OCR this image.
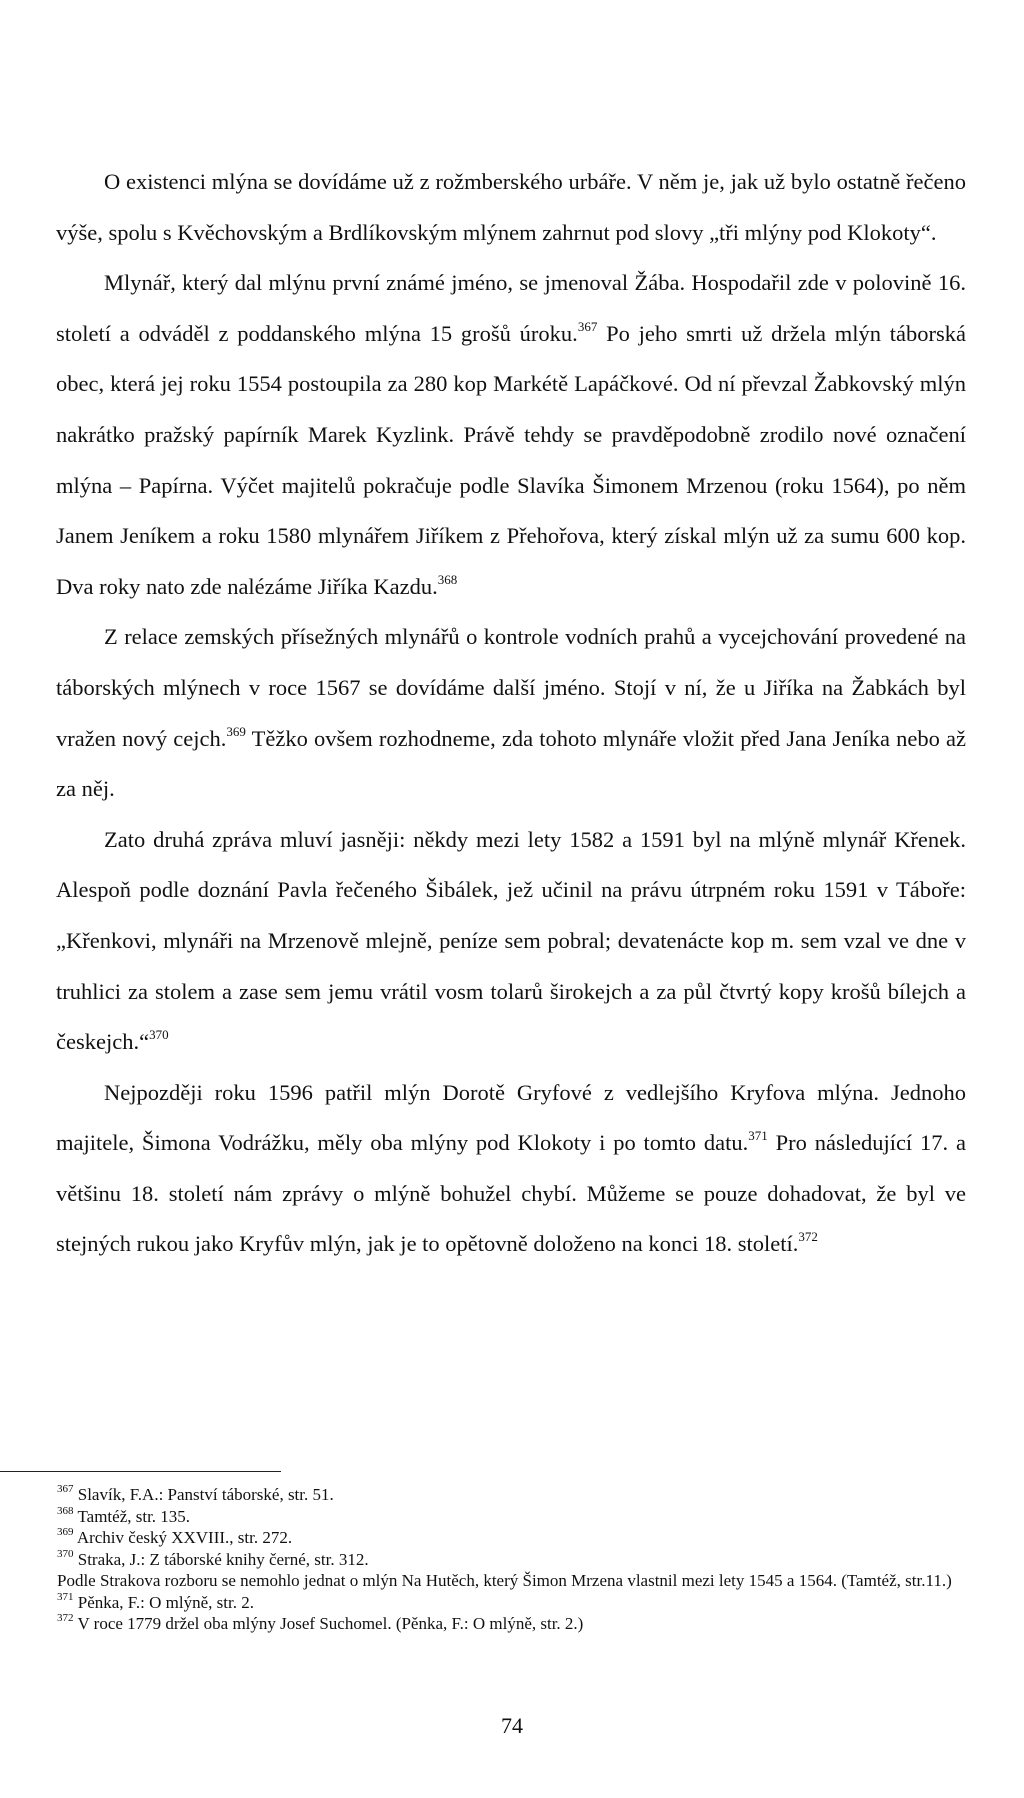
O existenci mlýna se dovídáme už z rožmberského urbáře. V něm je, jak už bylo ostatně řečeno výše, spolu s Kvěchovským a Brdlíkovským mlýnem zahrnut pod slovy „tři mlýny pod Klokoty“.

Mlynář, který dal mlýnu první známé jméno, se jmenoval Žába. Hospodařil zde v polovině 16. století a odváděl z poddanského mlýna 15 grošů úroku.$^{367}$ Po jeho smrti už držela mlýn táborská obec, která jej roku 1554 postoupila za 280 kop Markétě Lapáčkové. Od ní převzal Žabkovský mlýn nakrátko pražský papírník Marek Kyzlink. Právě tehdy se pravděpodobně zrodilo nové označení mlýna – Papírna. Výčet majitelů pokračuje podle Slavíka Šimonem Mrzenou (roku 1564), po něm Janem Jeníkem a roku 1580 mlynářem Jiříkem z Přehořova, který získal mlýn už za sumu 600 kop. Dva roky nato zde nalézáme Jiříka Kazdu.$^{368}$

Z relace zemských přísežných mlynářů o kontrole vodních prahů a vycejchování provedené na táborských mlýnech v roce 1567 se dovídáme další jméno. Stojí v ní, že u Jiříka na Žabkách byl vražen nový cejch.$^{369}$ Těžko ovšem rozhodneme, zda tohoto mlynáře vložit před Jana Jeníka nebo až za něj.

Zato druhá zpráva mluví jasněji: někdy mezi lety 1582 a 1591 byl na mlýně mlynář Křenek. Alespoň podle doznání Pavla řečeného Šibálek, jež učinil na právu útrpném roku 1591 v Táboře: „Křenkovi, mlynáři na Mrzenově mlejně, peníze sem pobral; devatenácte kop m. sem vzal ve dne v truhlici za stolem a zase sem jemu vrátil vosm tolarů širokejch a za půl čtvrtý kopy krošů bílejch a českejch.“$^{370}$

Nejpozději roku 1596 patřil mlýn Dorotě Gryfové z vedlejšího Kryfova mlýna. Jednoho majitele, Šimona Vodrážku, měly oba mlýny pod Klokoty i po tomto datu.$^{371}$ Pro následující 17. a většinu 18. století nám zprávy o mlýně bohužel chybí. Můžeme se pouze dohadovat, že byl ve stejných rukou jako Kryfův mlýn, jak je to opětovně doloženo na konci 18. století.$^{372}$

$^{367}$ Slavík, F.A.: Panství táborské, str. 51.
$^{368}$ Tamtéž, str. 135.
$^{369}$ Archiv český XXVIII., str. 272.
$^{370}$ Straka, J.: Z táborské knihy černé, str. 312.
Podle Strakova rozboru se nemohlo jednat o mlýn Na Hutěch, který Šimon Mrzena vlastnil mezi lety 1545 a 1564. (Tamtéž, str.11.)
$^{371}$ Pěnka, F.: O mlýně, str. 2.
$^{372}$ V roce 1779 držel oba mlýny Josef Suchomel. (Pěnka, F.: O mlýně, str. 2.)
74
